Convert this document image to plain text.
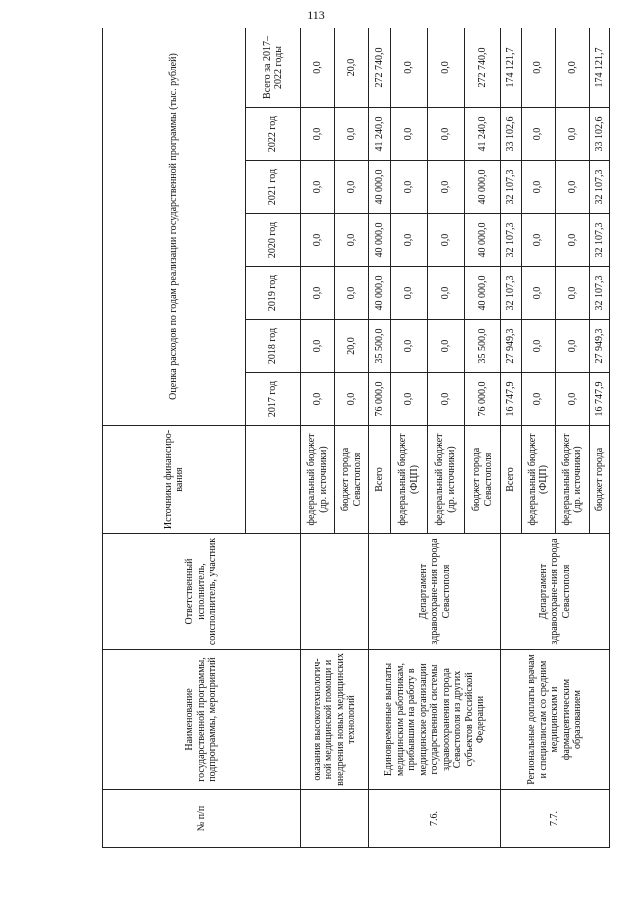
113
№ п/п	Наименование государственной программы, подпрограммы, мероприятий	Ответственный исполнитель, соисполнитель, участник	Источники финансиро-вания	Оценка расходов по годам реализации государственной программы (тыс. рублей)						
				2017 год	2018 год	2019 год	2020 год	2021 год	2022 год	Всего за 2017–2022 годы
	оказания высокотехнологич-ной медицинской помощи и внедрения новых медицинских технологий		федеральный бюджет (др. источники)	0,0	0,0	0,0	0,0	0,0	0,0	0,0
			бюджет города Севастополя	0,0	20,0	0,0	0,0	0,0	0,0	20,0
7.6.	Единовременные выплаты медицинским работникам, прибывшим на работу в медицинские организации государственной системы здравоохранения города Севастополя из других субъектов Российской Федерации	Департамент здравоохране-ния города Севастополя	Всего	76 000,0	35 500,0	40 000,0	40 000,0	40 000,0	41 240,0	272 740,0
			федеральный бюджет (ФЦП)	0,0	0,0	0,0	0,0	0,0	0,0	0,0
			федеральный бюджет (др. источники)	0,0	0,0	0,0	0,0	0,0	0,0	0,0
			бюджет города Севастополя	76 000,0	35 500,0	40 000,0	40 000,0	40 000,0	41 240,0	272 740,0
7.7.	Региональные доплаты врачам и специалистам со средним медицинским и фармацевтическим образованием	Департамент здравоохране-ния города Севастополя	Всего	16 747,9	27 949,3	32 107,3	32 107,3	32 107,3	33 102,6	174 121,7
			федеральный бюджет (ФЦП)	0,0	0,0	0,0	0,0	0,0	0,0	0,0
			федеральный бюджет (др. источники)	0,0	0,0	0,0	0,0	0,0	0,0	0,0
			бюджет города	16 747,9	27 949,3	32 107,3	32 107,3	32 107,3	33 102,6	174 121,7
